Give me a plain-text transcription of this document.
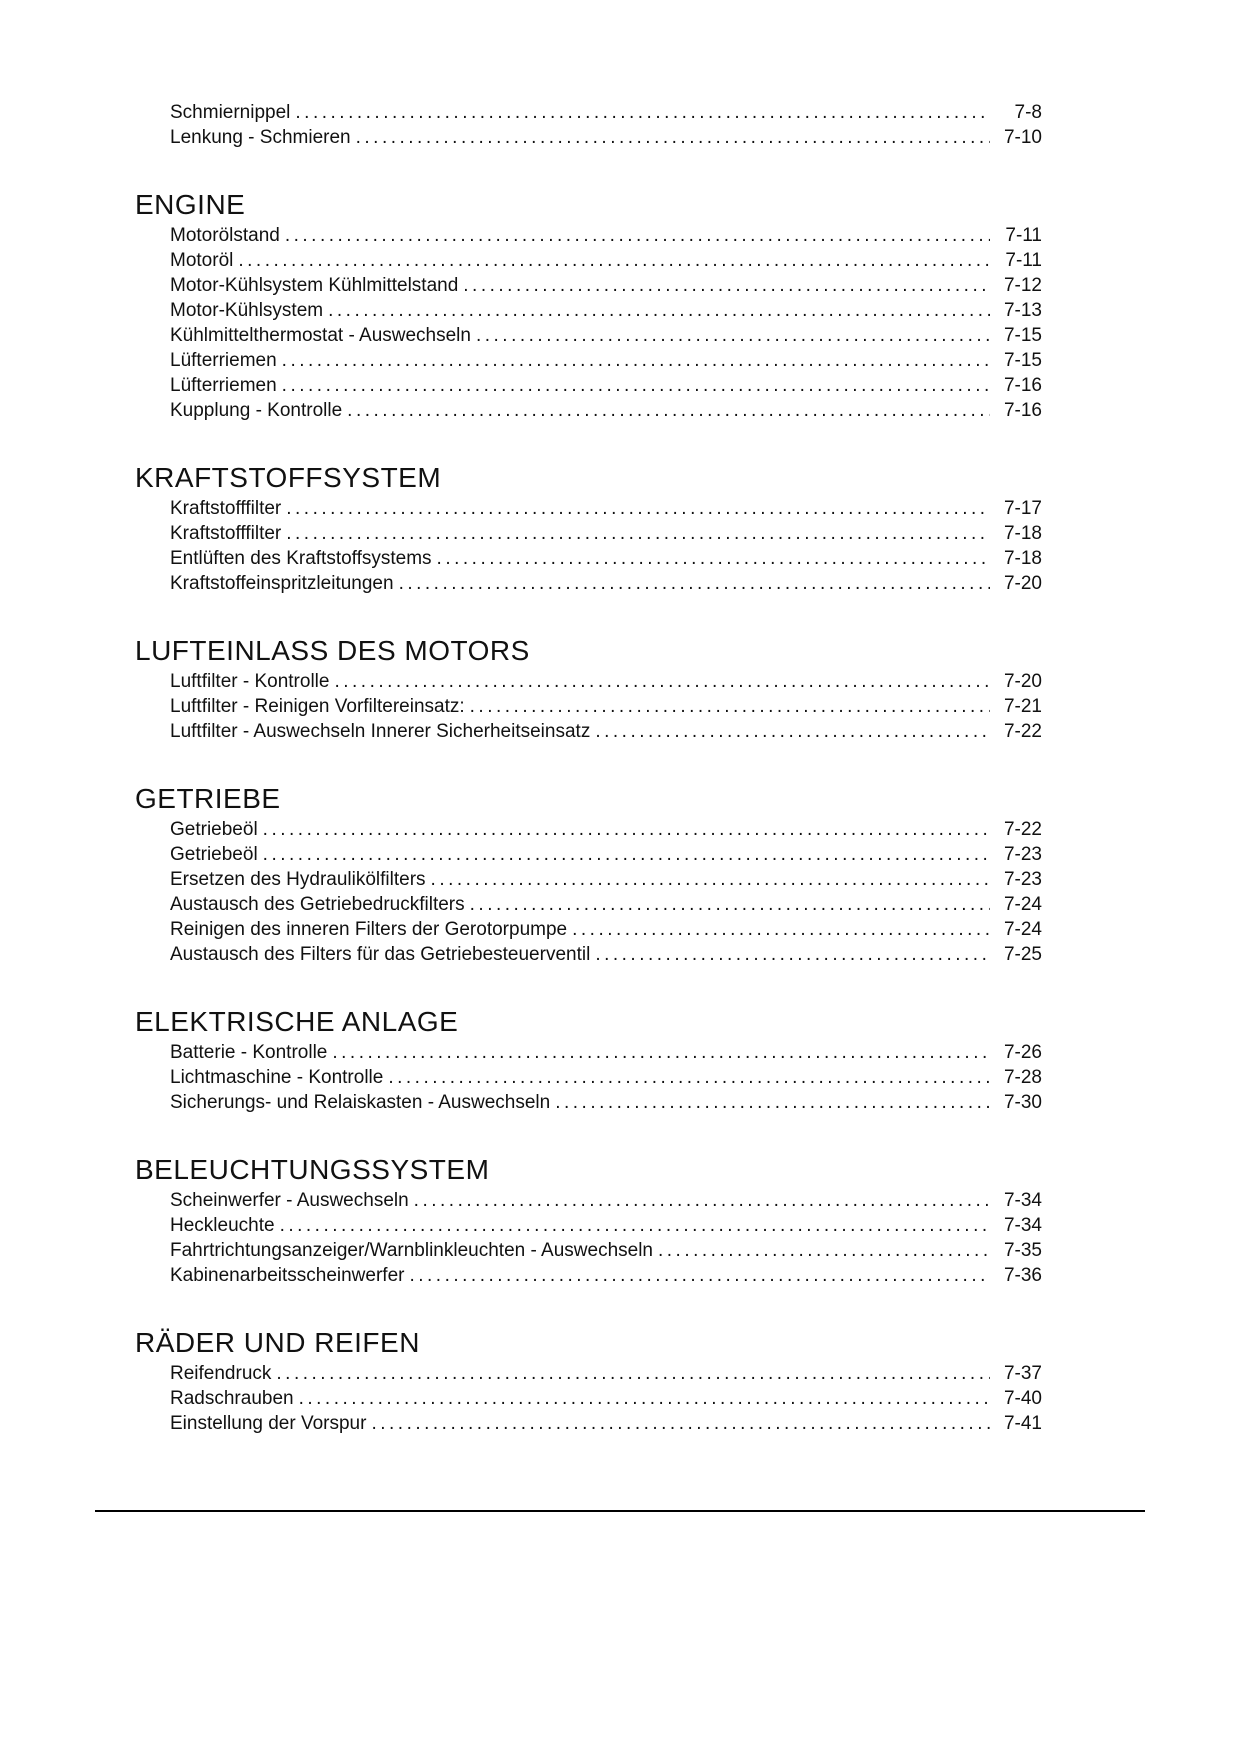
Schmiernippel .....	7-8
Lenkung - Schmieren .....	7-10
ENGINE
Motorölstand .....	7-11
Motoröl .....	7-11
Motor-Kühlsystem Kühlmittelstand .....	7-12
Motor-Kühlsystem .....	7-13
Kühlmittelthermostat - Auswechseln .....	7-15
Lüfterriemen .....	7-15
Lüfterriemen .....	7-16
Kupplung - Kontrolle .....	7-16
KRAFTSTOFFSYSTEM
Kraftstofffilter .....	7-17
Kraftstofffilter .....	7-18
Entlüften des Kraftstoffsystems .....	7-18
Kraftstoffeinspritzleitungen .....	7-20
LUFTEINLASS DES MOTORS
Luftfilter - Kontrolle .....	7-20
Luftfilter - Reinigen Vorfiltereinsatz: .....	7-21
Luftfilter - Auswechseln Innerer Sicherheitseinsatz .....	7-22
GETRIEBE
Getriebeöl .....	7-22
Getriebeöl .....	7-23
Ersetzen des Hydraulikölfilters .....	7-23
Austausch des Getriebedruckfilters .....	7-24
Reinigen des inneren Filters der Gerotorpumpe .....	7-24
Austausch des Filters für das Getriebesteuerventil .....	7-25
ELEKTRISCHE ANLAGE
Batterie - Kontrolle .....	7-26
Lichtmaschine - Kontrolle .....	7-28
Sicherungs- und Relaiskasten - Auswechseln .....	7-30
BELEUCHTUNGSSYSTEM
Scheinwerfer - Auswechseln .....	7-34
Heckleuchte .....	7-34
Fahrtrichtungsanzeiger/Warnblinkleuchten - Auswechseln .....	7-35
Kabinenarbeitsscheinwerfer .....	7-36
RÄDER UND REIFEN
Reifendruck .....	7-37
Radschrauben .....	7-40
Einstellung der Vorspur .....	7-41
